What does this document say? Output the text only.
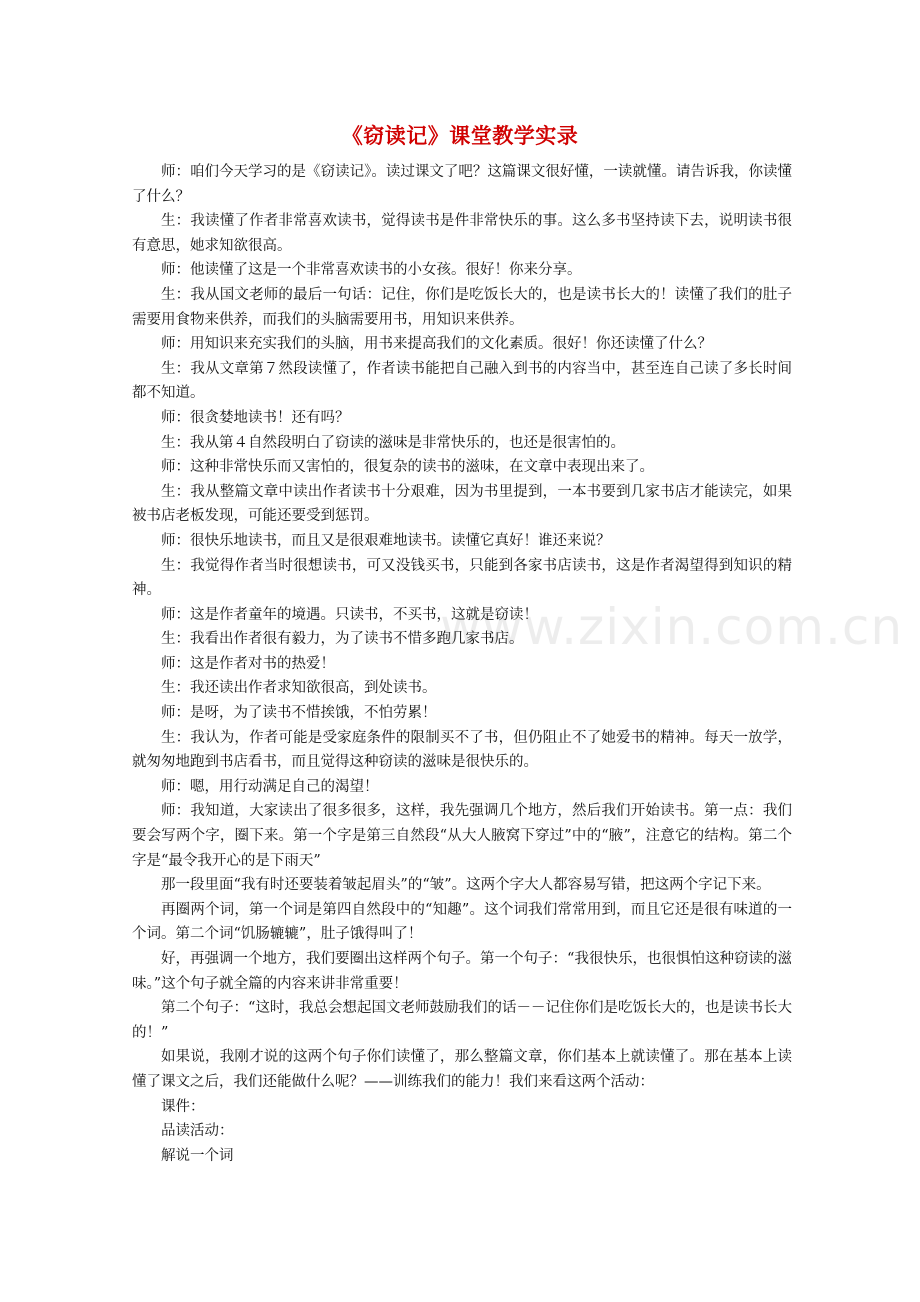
《窃读记》课堂教学实录
www.zixin.com.cn

师：咱们今天学习的是《窃读记》。读过课文了吧？这篇课文很好懂，一读就懂。请告诉我，你读懂了什么？

生：我读懂了作者非常喜欢读书，觉得读书是件非常快乐的事。这么多书坚持读下去，说明读书很有意思，她求知欲很高。

师：他读懂了这是一个非常喜欢读书的小女孩。很好！你来分享。

生：我从国文老师的最后一句话：记住，你们是吃饭长大的，也是读书长大的！读懂了我们的肚子需要用食物来供养，而我们的头脑需要用书，用知识来供养。

师：用知识来充实我们的头脑，用书来提高我们的文化素质。很好！你还读懂了什么？

生：我从文章第７然段读懂了，作者读书能把自己融入到书的内容当中，甚至连自己读了多长时间都不知道。

师：很贪婪地读书！还有吗？

生：我从第４自然段明白了窃读的滋味是非常快乐的，也还是很害怕的。

师：这种非常快乐而又害怕的，很复杂的读书的滋味，在文章中表现出来了。

生：我从整篇文章中读出作者读书十分艰难，因为书里提到，一本书要到几家书店才能读完，如果被书店老板发现，可能还要受到惩罚。

师：很快乐地读书，而且又是很艰难地读书。读懂它真好！谁还来说？

生：我觉得作者当时很想读书，可又没钱买书，只能到各家书店读书，这是作者渴望得到知识的精神。

师：这是作者童年的境遇。只读书，不买书，这就是窃读！

生：我看出作者很有毅力，为了读书不惜多跑几家书店。

师：这是作者对书的热爱！

生：我还读出作者求知欲很高，到处读书。

师：是呀，为了读书不惜挨饿，不怕劳累！

生：我认为，作者可能是受家庭条件的限制买不了书，但仍阻止不了她爱书的精神。每天一放学，就匆匆地跑到书店看书，而且觉得这种窃读的滋味是很快乐的。

师：嗯，用行动满足自己的渴望！

师：我知道，大家读出了很多很多，这样，我先强调几个地方，然后我们开始读书。第一点：我们要会写两个字，圈下来。第一个字是第三自然段“从大人腋窝下穿过”中的“腋”，注意它的结构。第二个字是“最令我开心的是下雨天”

那一段里面“我有时还要装着皱起眉头”的“皱”。这两个字大人都容易写错，把这两个字记下来。

再圈两个词，第一个词是第四自然段中的“知趣”。这个词我们常常用到，而且它还是很有味道的一个词。第二个词“饥肠辘辘”，肚子饿得叫了！

好，再强调一个地方，我们要圈出这样两个句子。第一个句子：“我很快乐，也很惧怕这种窃读的滋味。”这个句子就全篇的内容来讲非常重要！

第二个句子：“这时，我总会想起国文老师鼓励我们的话－－记住你们是吃饭长大的，也是读书长大的！”

如果说，我刚才说的这两个句子你们读懂了，那么整篇文章，你们基本上就读懂了。那在基本上读懂了课文之后，我们还能做什么呢？——训练我们的能力！我们来看这两个活动：

课件：

品读活动：

解说一个词
